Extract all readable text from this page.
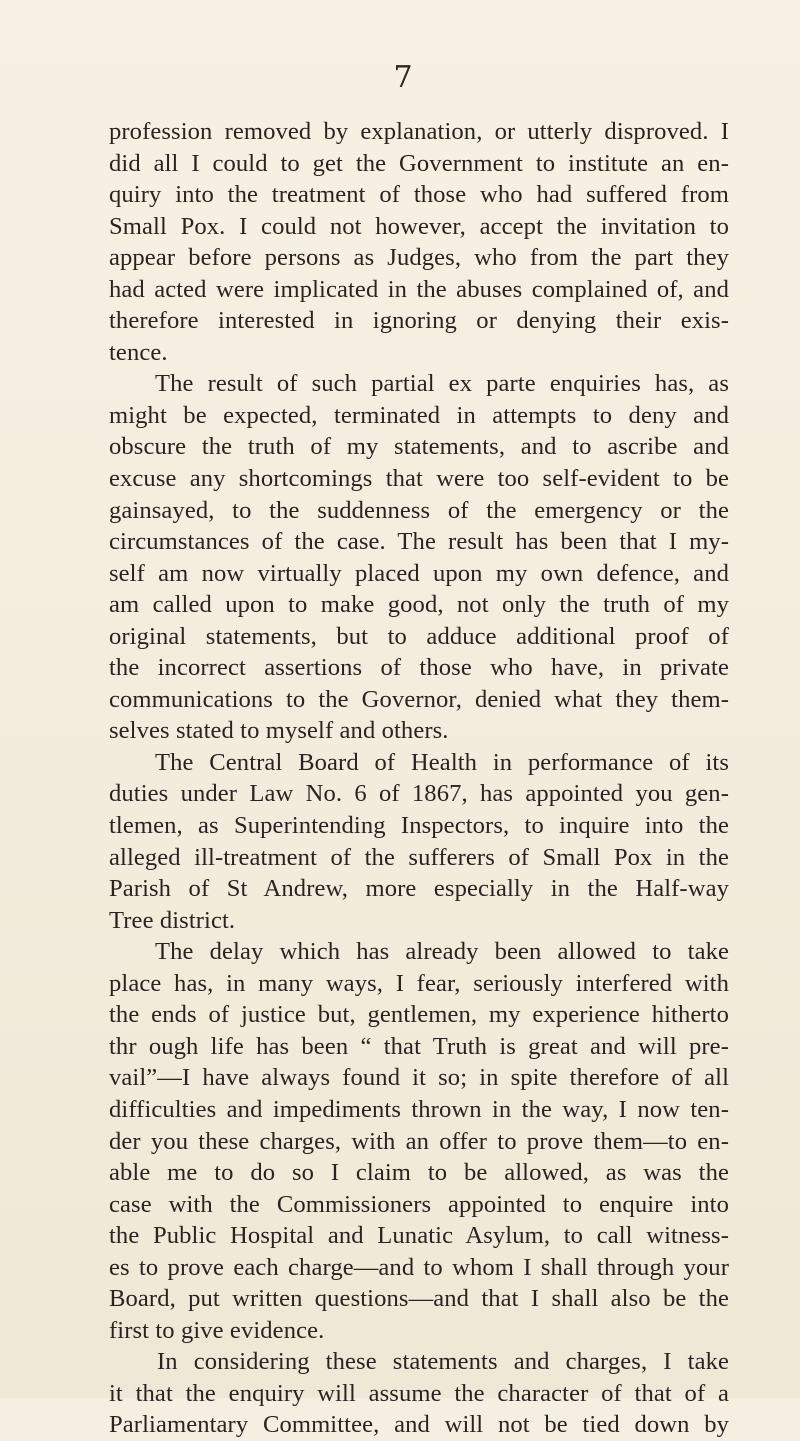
7

profession removed by explanation, or utterly disproved. I
did all I could to get the Government to institute an en-
quiry into the treatment of those who had suffered from
Small Pox. I could not however, accept the invitation to
appear before persons as Judges, who from the part they
had acted were implicated in the abuses complained of, and
therefore interested in ignoring or denying their exis-
tence.

The result of such partial ex parte enquiries has, as
might be expected, terminated in attempts to deny and
obscure the truth of my statements, and to ascribe and
excuse any shortcomings that were too self-evident to be
gainsayed, to the suddenness of the emergency or the
circumstances of the case. The result has been that I my-
self am now virtually placed upon my own defence, and
am called upon to make good, not only the truth of my
original statements, but to adduce additional proof of
the incorrect assertions of those who have, in private
communications to the Governor, denied what they them-
selves stated to myself and others.

The Central Board of Health in performance of its
duties under Law No. 6 of 1867, has appointed you gen-
tlemen, as Superintending Inspectors, to inquire into the
alleged ill-treatment of the sufferers of Small Pox in the
Parish of St Andrew, more especially in the Half-way
Tree district.

The delay which has already been allowed to take
place has, in many ways, I fear, seriously interfered with
the ends of justice but, gentlemen, my experience hitherto
thr ough life has been “ that Truth is great and will pre-
vail”—I have always found it so; in spite therefore of all
difficulties and impediments thrown in the way, I now ten-
der you these charges, with an offer to prove them—to en-
able me to do so I claim to be allowed, as was the
case with the Commissioners appointed to enquire into
the Public Hospital and Lunatic Asylum, to call witness-
es to prove each charge—and to whom I shall through your
Board, put written questions—and that I shall also be the
first to give evidence.

In considering these statements and charges, I take
it that the enquiry will assume the character of that of a
Parliamentary Committee, and will not be tied down by
